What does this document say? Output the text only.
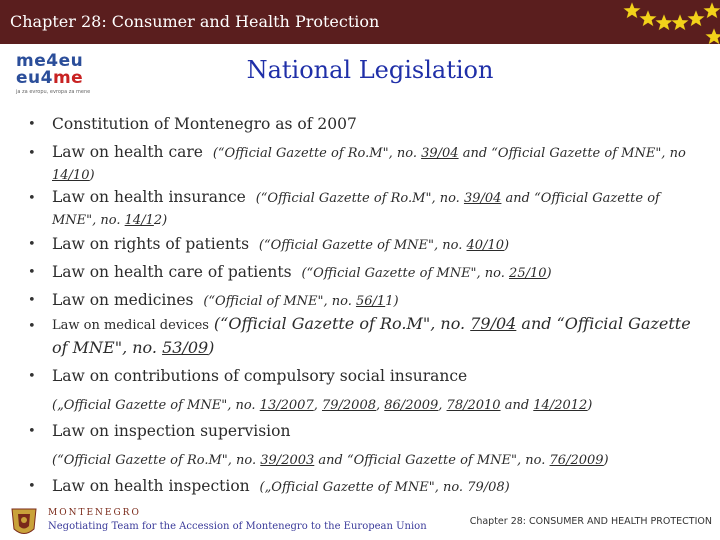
Chapter 28: Consumer and Health Protection
me4eu
eu4me
ja za evropu, evropa za mene
National Legislation
• Constitution of Montenegro as of 2007
• Law on health care (“Official Gazette of Ro.M", no. 39/04 and “Official Gazette of MNE", no 14/10)
• Law on health insurance (“Official Gazette of Ro.M", no. 39/04 and “Official Gazette of MNE", no. 14/12)
• Law on rights of patients (“Official Gazette of MNE", no. 40/10)
• Law on health care of patients (“Official Gazette of MNE", no. 25/10)
• Law on medicines (“Official of MNE", no. 56/11)
• Law on medical devices (“Official Gazette of Ro.M", no. 79/04 and “Official Gazette of MNE", no. 53/09)
• Law on contributions of compulsory social insurance
(„Official Gazette of MNE", no. 13/2007, 79/2008, 86/2009, 78/2010 and 14/2012)
• Law on inspection supervision
(“Official Gazette of Ro.M", no. 39/2003 and “Official Gazette of MNE", no. 76/2009)
• Law on health inspection („Official Gazette of MNE", no. 79/08)
MONTENEGRO
Negotiating Team for the Accession of Montenegro to the European Union	Chapter 28: CONSUMER AND HEALTH PROTECTION
